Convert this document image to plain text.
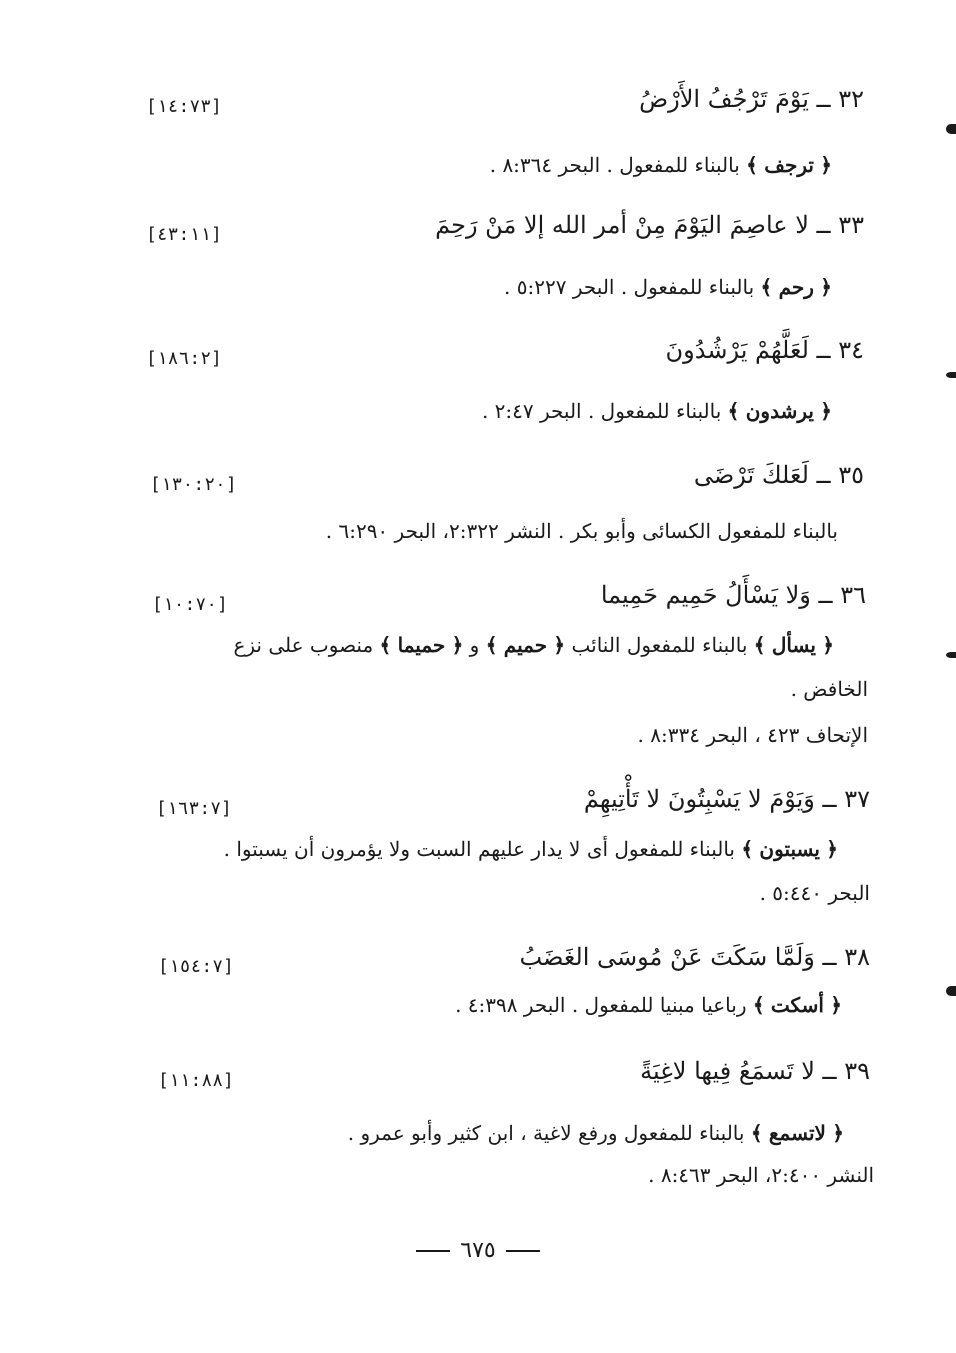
٣٢ ــ يَوْمَ تَرْجُفُ الأَرْضُ
[١٤:٧٣]
﴿ ترجف ﴾ بالبناء للمفعول . البحر ٨:٣٦٤ .
٣٣ ــ لا عاصِمَ اليَوْمَ مِنْ أمر الله إلا مَنْ رَحِمَ
[٤٣:١١]
﴿ رحم ﴾ بالبناء للمفعول . البحر ٥:٢٢٧ .
٣٤ ــ لَعَلَّهُمْ يَرْشُدُونَ
[١٨٦:٢]
﴿ يرشدون ﴾ بالبناء للمفعول . البحر ٢:٤٧ .
٣٥ ــ لَعَلكَ تَرْضَى
[١٣٠:٢٠]
بالبناء للمفعول الكسائى وأبو بكر . النشر ٢:٣٢٢، البحر ٦:٢٩٠ .
٣٦ ــ وَلا يَسْأَلُ حَمِيم حَمِيما
[١٠:٧٠]
﴿ يسأل ﴾ بالبناء للمفعول النائب ﴿ حميم ﴾ و ﴿ حميما ﴾ منصوب على نزع
الخافض .
الإتحاف ٤٢٣ ، البحر ٨:٣٣٤ .
٣٧ ــ وَيَوْمَ لا يَسْبِتُونَ لا تَأْتِيهِمْ
[١٦٣:٧]
﴿ يسبتون ﴾ بالبناء للمفعول أى لا يدار عليهم السبت ولا يؤمرون أن يسبتوا .
البحر ٥:٤٤٠ .
٣٨ ــ وَلَمَّا سَكَتَ عَنْ مُوسَى الغَضَبُ
[١٥٤:٧]
﴿ أسكت ﴾ رباعيا مبنيا للمفعول . البحر ٤:٣٩٨ .
٣٩ ــ لا تَسمَعُ فِيها لاغِيَةً
[١١:٨٨]
﴿ لاتسمع ﴾ بالبناء للمفعول ورفع لاغية ، ابن كثير وأبو عمرو .
النشر ٢:٤٠٠، البحر ٨:٤٦٣ .
٦٧٥
